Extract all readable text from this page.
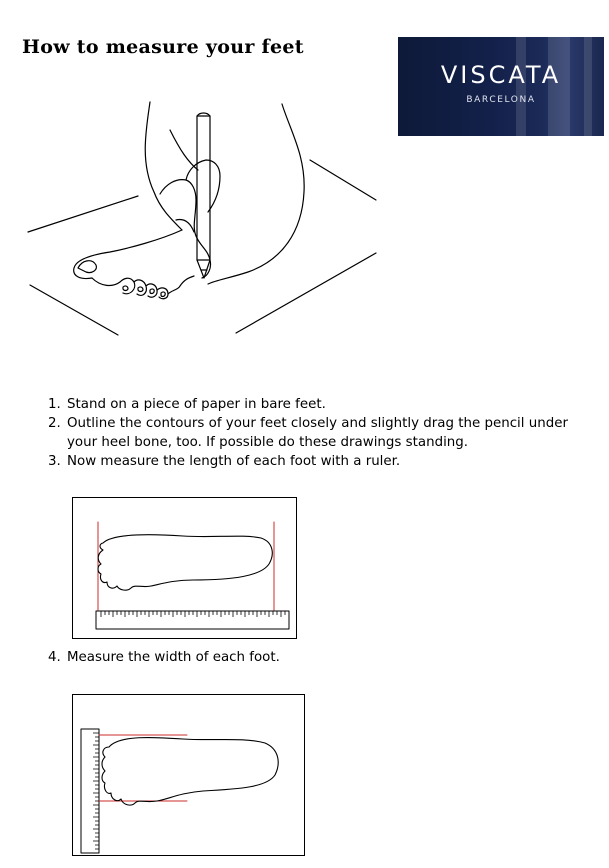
How to measure your feet
VISCATA
BARCELONA
1. Stand on a piece of paper in bare feet.
2. Outline the contours of your feet closely and slightly drag the pencil under
your heel bone, too. If possible do these drawings standing.
3. Now measure the length of each foot with a ruler.
4. Measure the width of each foot.
